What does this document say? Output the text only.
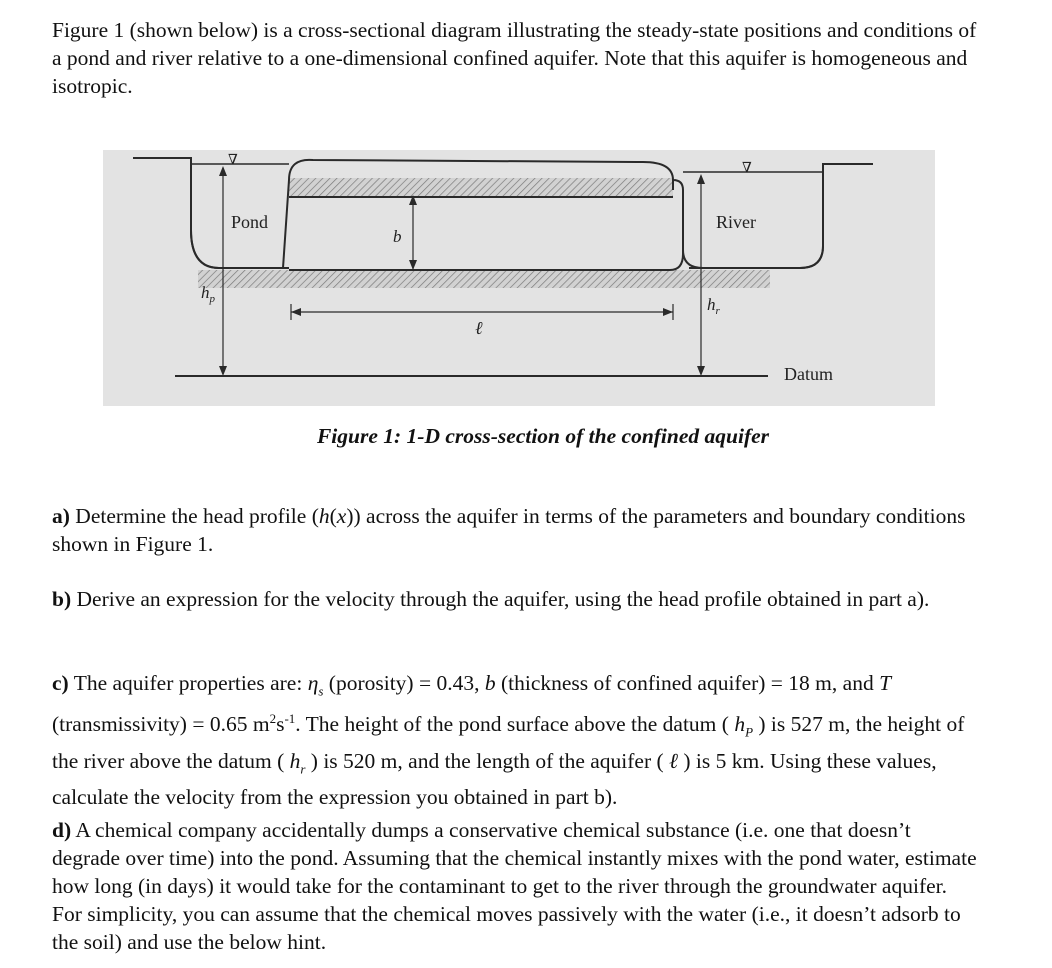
Figure 1 (shown below) is a cross-sectional diagram illustrating the steady-state positions and conditions of a pond and river relative to a one-dimensional confined aquifer. Note that this aquifer is homogeneous and isotropic.

∇
∇
Pond	River
b
ℓ
$h_p$	$h_r$
Datum
Figure 1: 1-D cross-section of the confined aquifer

a) Determine the head profile (h(x)) across the aquifer in terms of the parameters and boundary conditions shown in Figure 1.

b) Derive an expression for the velocity through the aquifer, using the head profile obtained in part a).

c) The aquifer properties are: $\eta_s$ (porosity) = 0.43, b (thickness of confined aquifer) = 18 m, and T (transmissivity) = 0.65 $m^2s^{-1}$. The height of the pond surface above the datum ( $h_P$ ) is 527 m, the height of the river above the datum ( $h_r$ ) is 520 m, and the length of the aquifer ( ℓ ) is 5 km. Using these values, calculate the velocity from the expression you obtained in part b).

d) A chemical company accidentally dumps a conservative chemical substance (i.e. one that doesn’t degrade over time) into the pond. Assuming that the chemical instantly mixes with the pond water, estimate how long (in days) it would take for the contaminant to get to the river through the groundwater aquifer. For simplicity, you can assume that the chemical moves passively with the water (i.e., it doesn’t adsorb to the soil) and use the below hint.
